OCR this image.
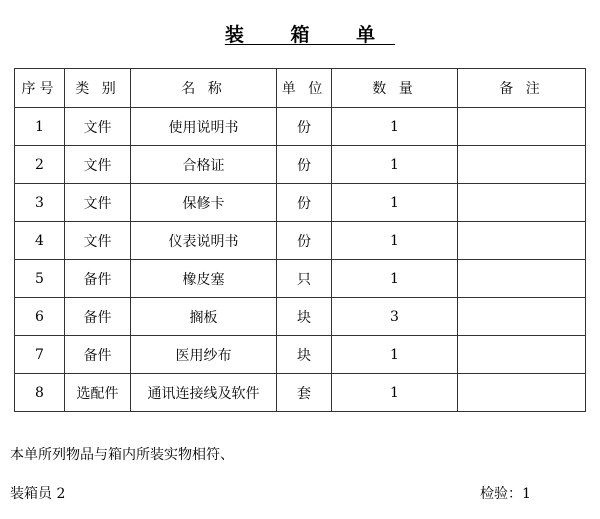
装 箱 单
序号	类 别	名 称	单 位	数 量	备 注
1	文件	使用说明书	份	1	
2	文件	合格证	份	1	
3	文件	保修卡	份	1	
4	文件	仪表说明书	份	1	
5	备件	橡皮塞	只	1	
6	备件	搁板	块	3	
7	备件	医用纱布	块	1	
8	选配件	通讯连接线及软件	套	1	
本单所列物品与箱内所装实物相符、
装箱员 2	检验：1
